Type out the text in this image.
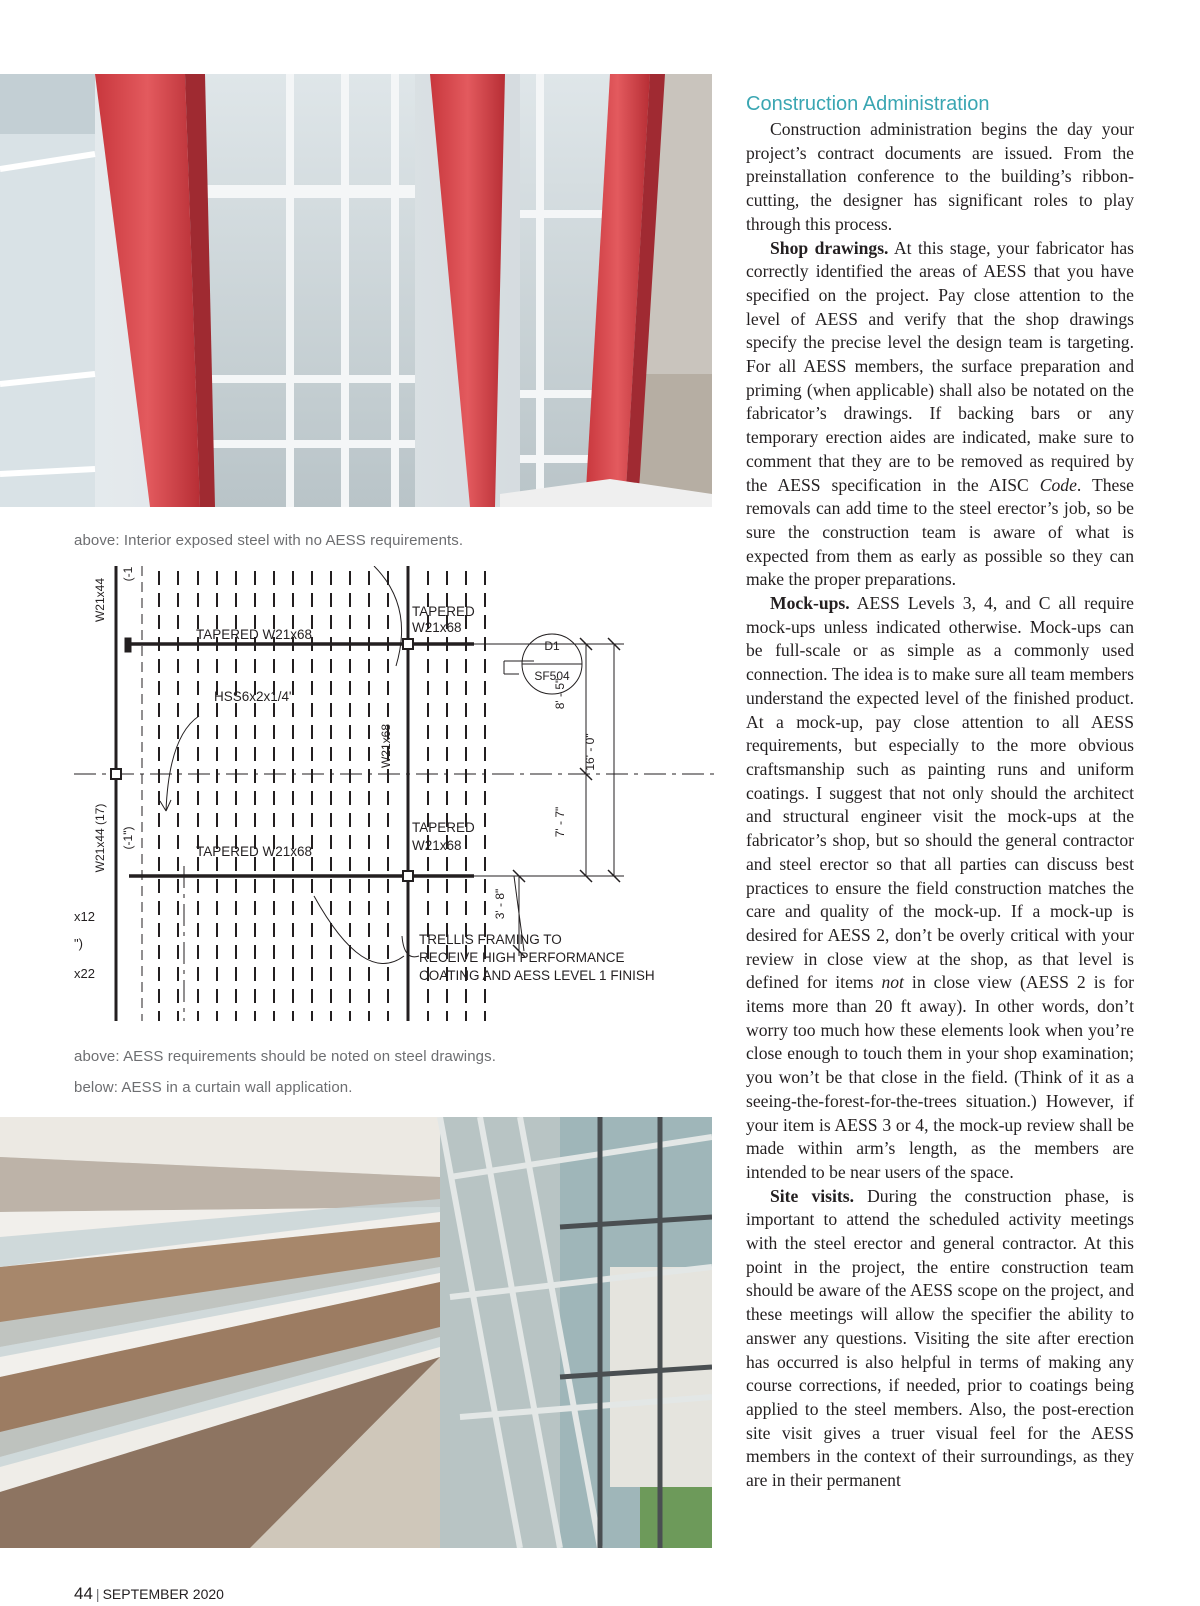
above: Interior exposed steel with no AESS requirements.
W21x44
(-1
TAPERED W21x68
TAPERED
W21x68
D1
SF504
HSS6x2x1/4"
W21x68
8' - 5"
16' - 0"
7' - 7"
TAPERED
W21x68
TAPERED W21x68
W21x44 (17) (-1")
3' - 8"
x12
")
x22
TRELLIS FRAMING TO
RECEIVE HIGH PERFORMANCE
COATING AND AESS LEVEL 1 FINISH
above: AESS requirements should be noted on steel drawings.
below: AESS in a curtain wall application.
Construction Administration

Construction administration begins the day your project’s contract documents are issued. From the preinstallation conference to the building’s ribbon-cutting, the designer has significant roles to play through this process.

Shop drawings. At this stage, your fabricator has correctly identified the areas of AESS that you have specified on the project. Pay close attention to the level of AESS and verify that the shop drawings specify the precise level the design team is targeting. For all AESS members, the surface preparation and priming (when applicable) shall also be notated on the fabricator’s drawings. If backing bars or any temporary erection aides are indicated, make sure to comment that they are to be removed as required by the AESS specification in the AISC Code. These removals can add time to the steel erector’s job, so be sure the construction team is aware of what is expected from them as early as possible so they can make the proper preparations.

Mock-ups. AESS Levels 3, 4, and C all require mock-ups unless indicated otherwise. Mock-ups can be full-scale or as simple as a commonly used connection. The idea is to make sure all team members understand the expected level of the finished product. At a mock-up, pay close attention to all AESS requirements, but especially to the more obvious craftsmanship such as painting runs and uniform coatings. I suggest that not only should the architect and structural engineer visit the mock-ups at the fabricator’s shop, but so should the general contractor and steel erector so that all parties can discuss best practices to ensure the field construction matches the care and quality of the mock-up. If a mock-up is desired for AESS 2, don’t be overly critical with your review in close view at the shop, as that level is defined for items not in close view (AESS 2 is for items more than 20 ft away). In other words, don’t worry too much how these elements look when you’re close enough to touch them in your shop examination; you won’t be that close in the field. (Think of it as a seeing-the-forest-for-the-trees situation.) However, if your item is AESS 3 or 4, the mock-up review shall be made within arm’s length, as the members are intended to be near users of the space.

Site visits. During the construction phase, is important to attend the scheduled activity meetings with the steel erector and general contractor. At this point in the project, the entire construction team should be aware of the AESS scope on the project, and these meetings will allow the specifier the ability to answer any questions. Visiting the site after erection has occurred is also helpful in terms of making any course corrections, if needed, prior to coatings being applied to the steel members. Also, the post-erection site visit gives a truer visual feel for the AESS members in the context of their surroundings, as they are in their permanent

44 | SEPTEMBER 2020
